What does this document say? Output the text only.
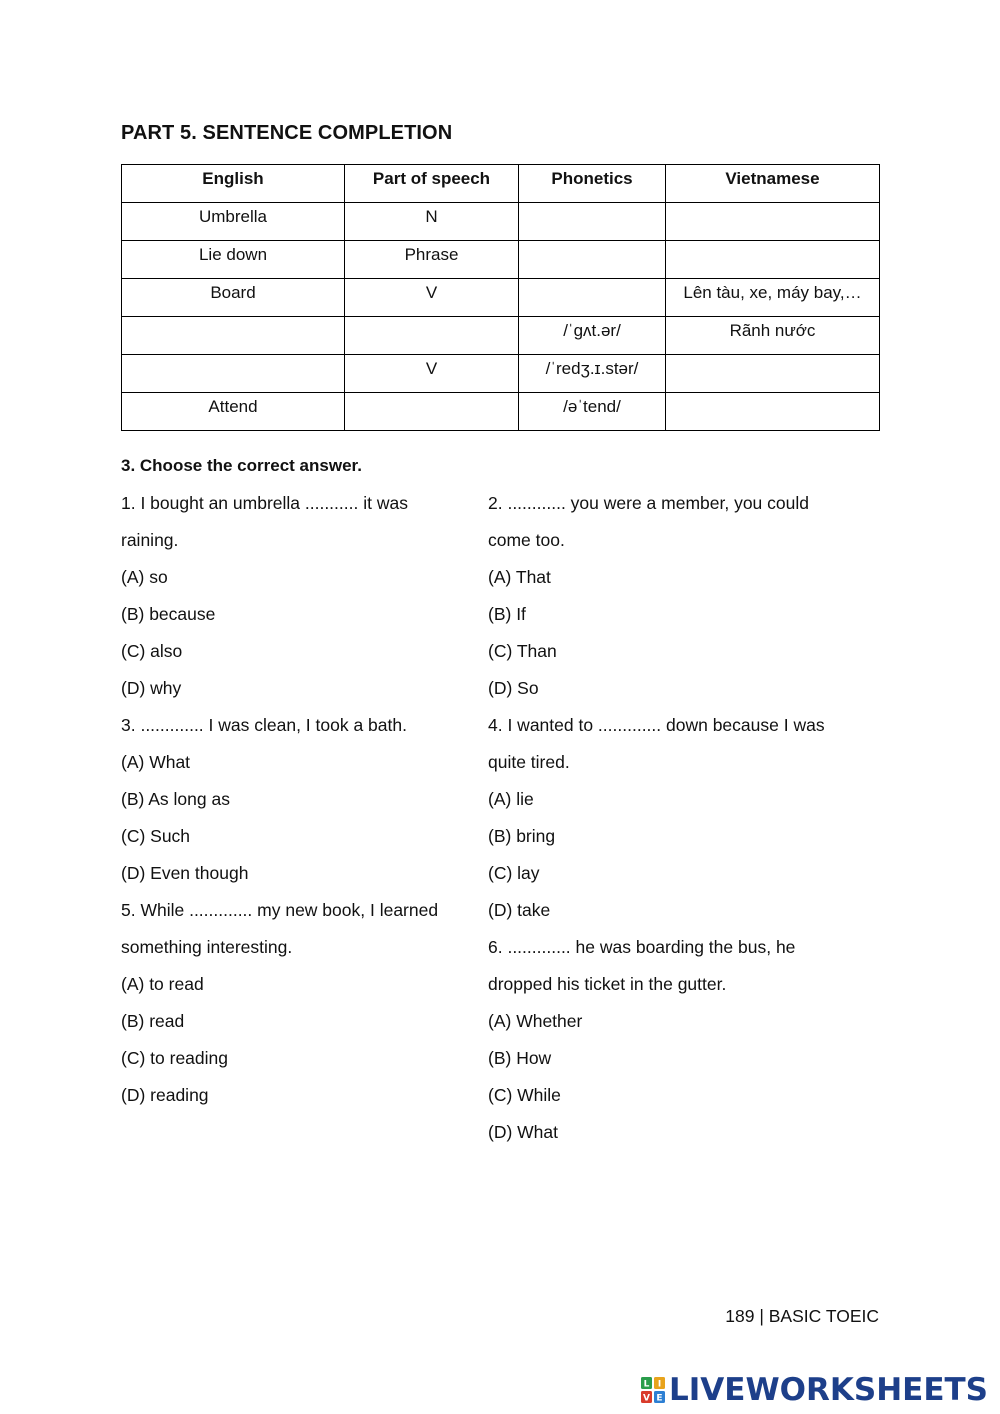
PART 5. SENTENCE COMPLETION
English	Part of speech	Phonetics	Vietnamese
Umbrella	N		
Lie down	Phrase		
Board	V		Lên tàu, xe, máy bay,…
		/ˈɡʌt.ər/	Rãnh nước
	V	/ˈredʒ.ɪ.stər/	
Attend		/əˈtend/	
3. Choose the correct answer.
1. I bought an umbrella ........... it was
raining.
(A) so
(B) because
(C) also
(D) why
3. ............. I was clean, I took a bath.
(A) What
(B) As long as
(C) Such
(D) Even though
5. While ............. my new book, I learned
something interesting.
(A) to read
(B) read
(C) to reading
(D) reading
2. ............ you were a member, you could
come too.
(A) That
(B) If
(C) Than
(D) So
4. I wanted to ............. down because I was
quite tired.
(A) lie
(B) bring
(C) lay
(D) take
6. ............. he was boarding the bus, he
dropped his ticket in the gutter.
(A) Whether
(B) How
(C) While
(D) What
189 | BASIC TOEIC
L I
V E LIVEWORKSHEETS
